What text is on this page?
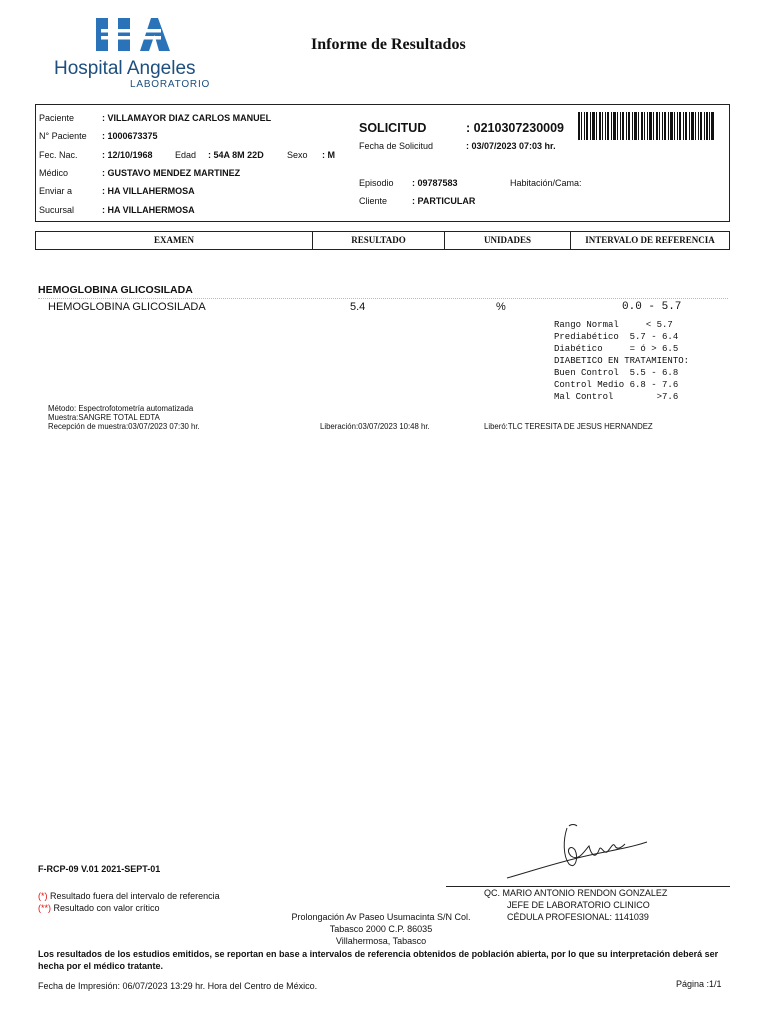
Hospital Angeles
LABORATORIO
Informe de Resultados
Paciente	: VILLAMAYOR DIAZ CARLOS MANUEL
N° Paciente : 1000673375
Fec. Nac.	: 12/10/1968 Edad : 54A 8M 22D	Sexo : M
Médico	: GUSTAVO MENDEZ MARTINEZ
Enviar a	: HA VILLAHERMOSA
Sucursal	: HA VILLAHERMOSA
SOLICITUD	: 0210307230009
Fecha de Solicitud	: 03/07/2023 07:03 hr.
Episodio : 09787583	Habitación/Cama:
Cliente	: PARTICULAR
EXAMEN	RESULTADO	UNIDADES	INTERVALO DE REFERENCIA
HEMOGLOBINA GLICOSILADA
HEMOGLOBINA GLICOSILADA	5.4	%	0.0 - 5.7
Rango Normal     < 5.7
Prediabético  5.7 - 6.4
Diabético     = ó > 6.5
DIABETICO EN TRATAMIENTO:
Buen Control  5.5 - 6.8
Control Medio 6.8 - 7.6
Mal Control        >7.6
Método: Espectrofotometría automatizada
Muestra:SANGRE TOTAL EDTA
Recepción de muestra:03/07/2023 07:30 hr.	Liberación:03/07/2023 10:48 hr.	Liberó:TLC TERESITA DE JESUS HERNANDEZ
F-RCP-09 V.01 2021-SEPT-01
(*) Resultado fuera del intervalo de referencia
(**) Resultado con valor crítico
QC. MARIO ANTONIO RENDON GONZALEZ
JEFE DE LABORATORIO CLINICO
CÉDULA PROFESIONAL: 1141039
Prolongación Av Paseo Usumacinta S/N Col.
Tabasco 2000 C.P. 86035
Villahermosa, Tabasco
Los resultados de los estudios emitidos, se reportan en base a intervalos de referencia obtenidos de población abierta, por lo que su interpretación deberá ser hecha por el médico tratante.
Fecha de Impresión: 06/07/2023 13:29 hr. Hora del Centro de México.	Página :1/1
